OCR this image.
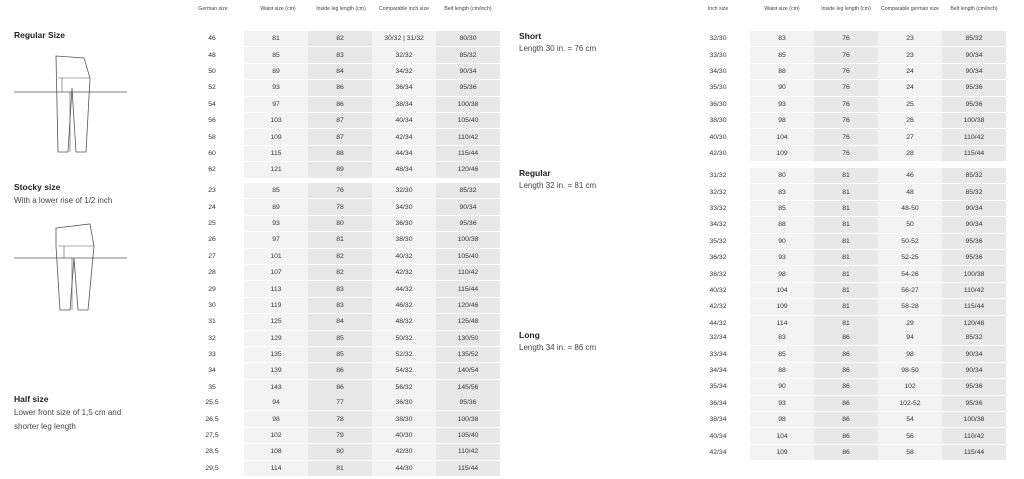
Regular Size
Stocky size
With a lower rise of 1/2 inch
Half size
Lower front size of 1,5 cm and shorter leg length
German size	Waist size (cm)	Inside leg length (cm)	Comparable inch size	Belt length (cm/inch)
46	81	82	30/32 | 31/32	80/30
48	85	83	32/32	85/32
50	89	84	34/32	90/34
52	93	86	36/34	95/36
54	97	86	38/34	100/38
56	103	87	40/34	105/40
58	109	87	42/34	110/42
60	115	88	44/34	115/44
62	121	89	48/34	120/46
23	85	76	32/30	85/32
24	89	78	34/30	90/34
25	93	80	36/30	95/36
26	97	81	38/30	100/38
27	101	82	40/32	105/40
28	107	82	42/32	110/42
29	113	83	44/32	115/44
30	119	83	46/32	120/46
31	125	84	48/32	125/48
32	129	85	50/32	130/50
33	135	85	52/32	135/52
34	139	86	54/32	140/54
35	143	86	56/32	145/56
25,5	94	77	36/30	95/36
26,5	98	78	38/30	100/38
27,5	102	79	40/30	105/40
28,5	108	80	42/30	110/42
29,5	114	81	44/30	115/44
Short
Length 30 in. = 76 cm
Regular
Length 32 in. = 81 cm
Long
Length 34 in. = 86 cm
Inch size	Waist size (cm)	Inside leg length (cm)	Comparable german size	Belt length (cm/inch)
32/30	83	76	23	85/32
33/30	85	76	23	90/34
34/30	88	76	24	90/34
35/30	90	76	24	95/36
36/30	93	76	25	95/36
38/30	98	76	26	100/38
40/30	104	76	27	110/42
42/30	109	76	28	115/44
31/32	80	81	46	85/32
32/32	83	81	48	85/32
33/32	85	81	48-50	90/34
34/32	88	81	50	90/34
35/32	90	81	50-52	95/36
36/32	93	81	52-25	95/36
38/32	98	81	54-26	100/38
40/32	104	81	56-27	110/42
42/32	109	81	58-28	115/44
44/32	114	81	29	120/46
32/34	83	86	94	85/32
33/34	85	86	98	90/34
34/34	88	86	98-50	90/34
35/34	90	86	102	95/36
36/34	93	86	102-52	95/36
38/34	98	86	54	100/38
40/34	104	86	56	110/42
42/34	109	86	58	115/44
